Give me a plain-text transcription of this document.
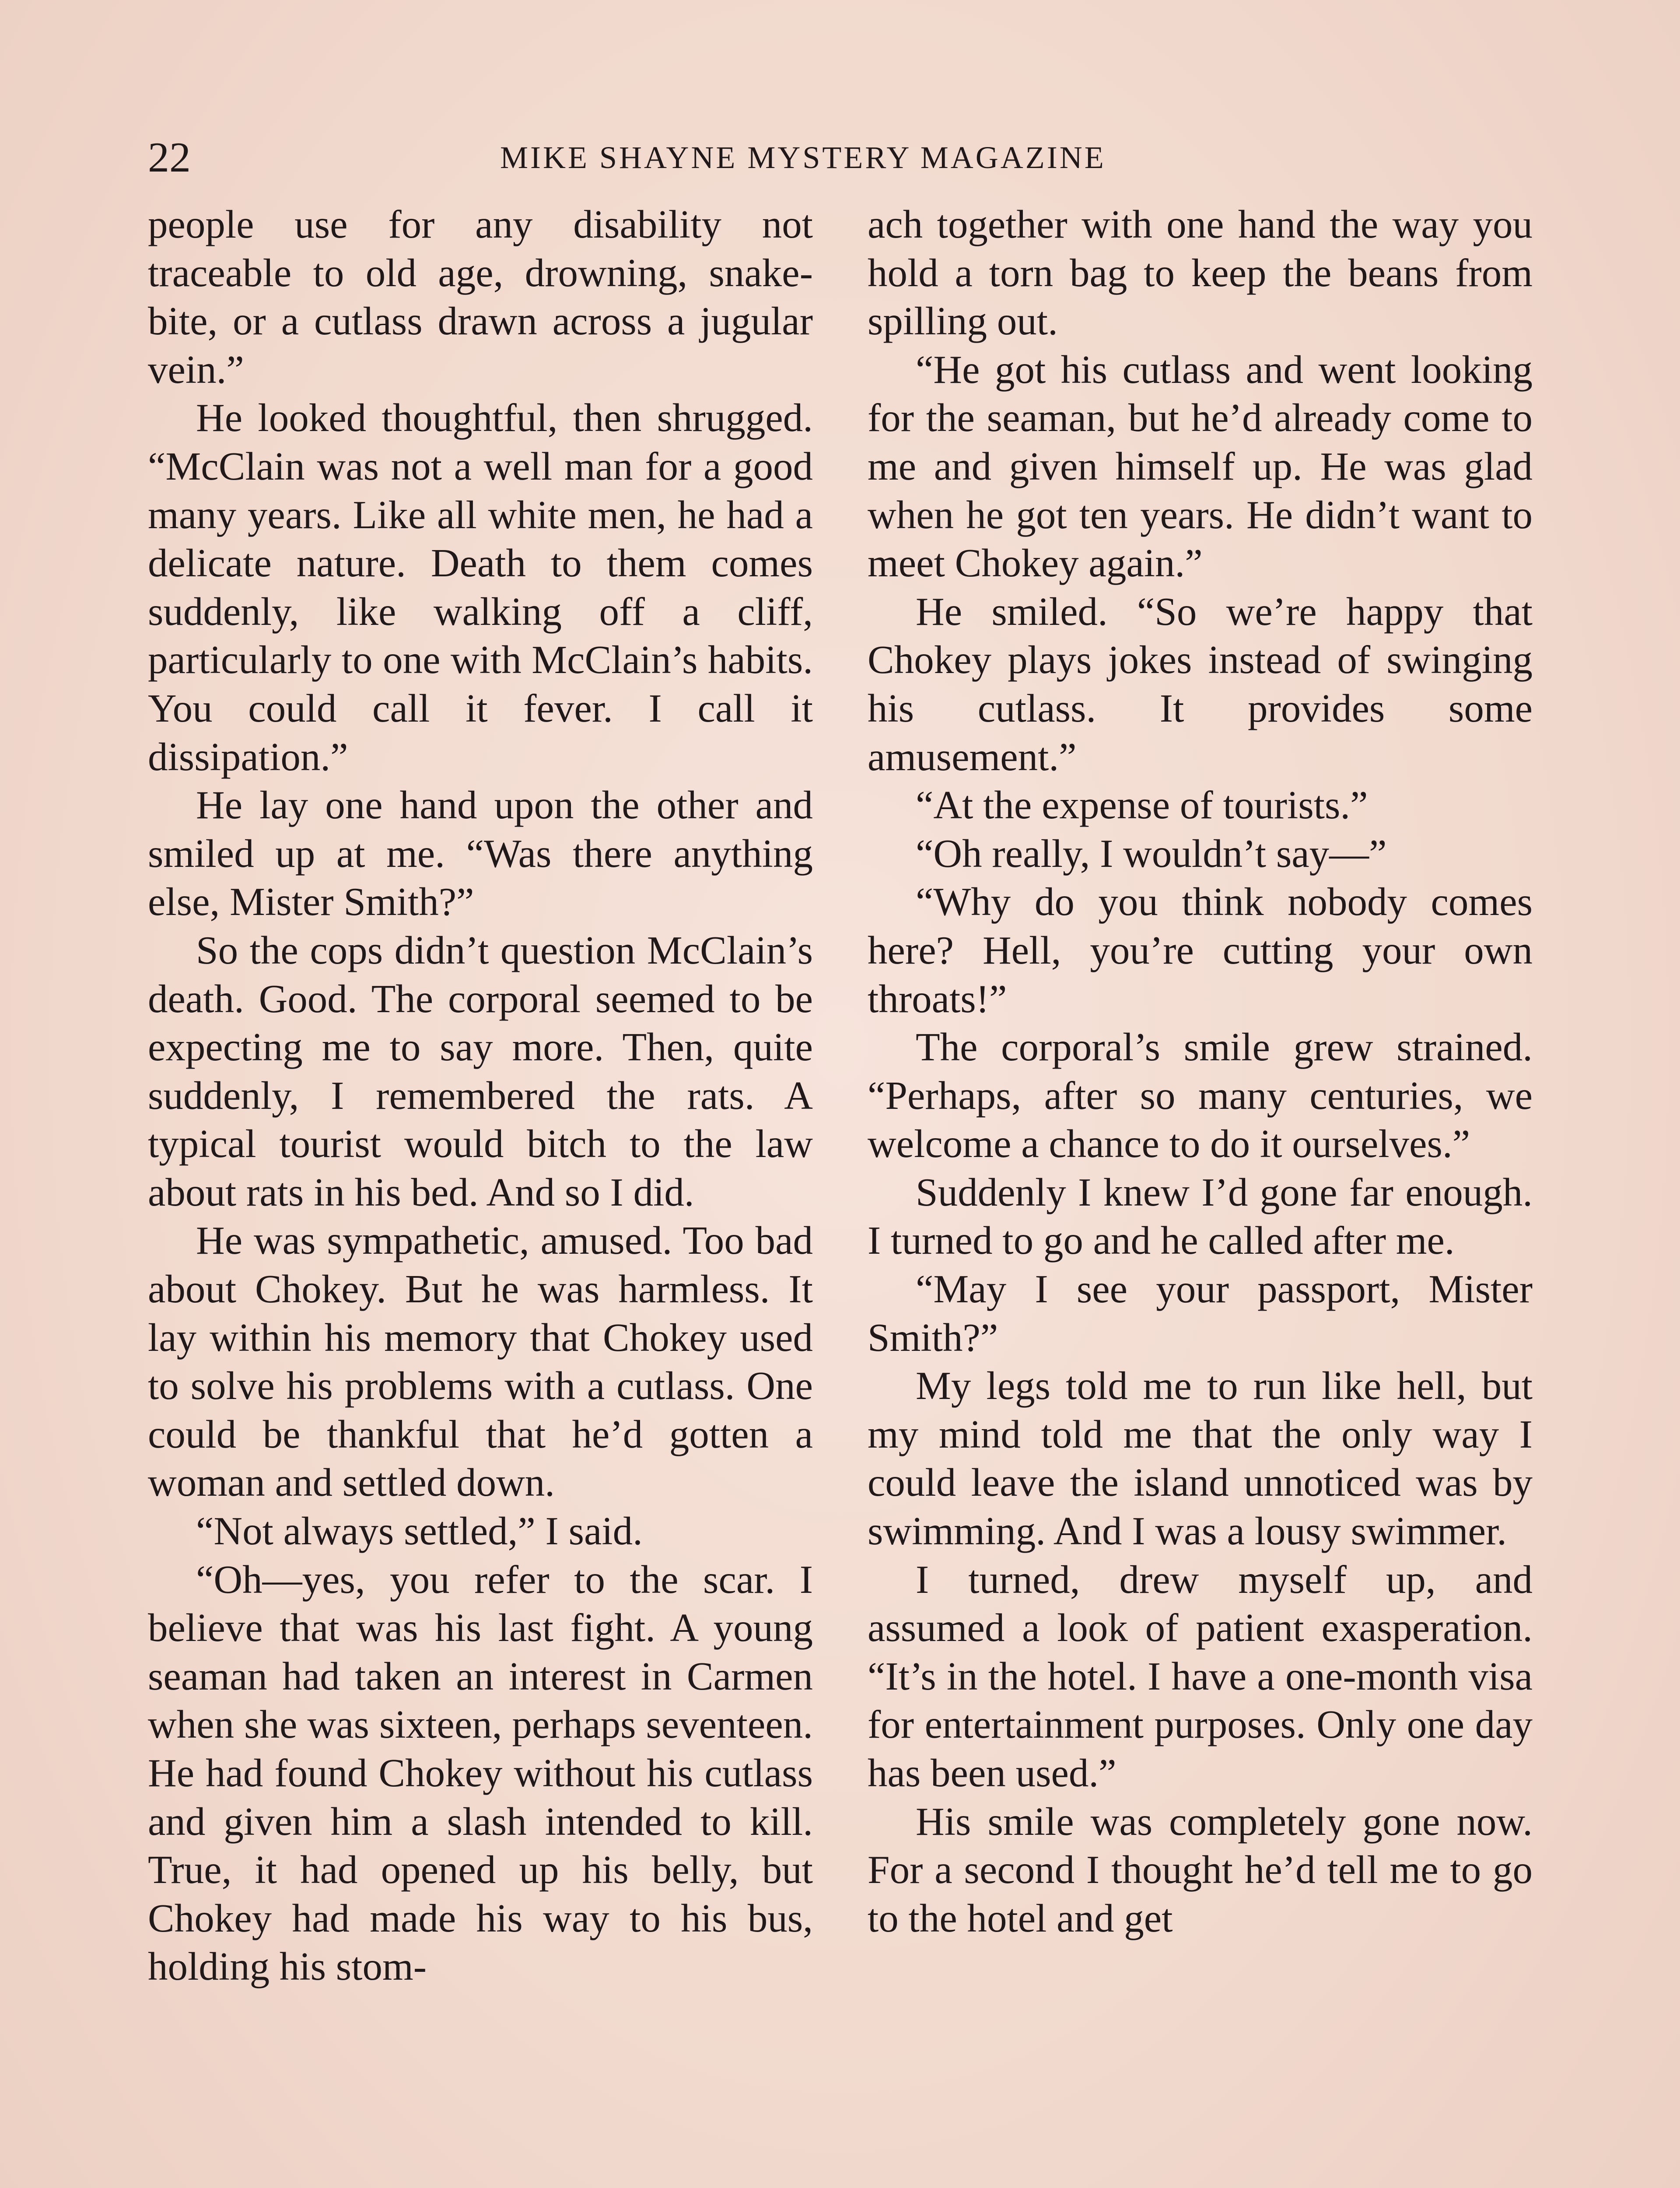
22	MIKE SHAYNE MYSTERY MAGAZINE

people use for any disability not traceable to old age, drowning, snake-bite, or a cutlass drawn across a jugular vein.”

He looked thoughtful, then shrugged. “McClain was not a well man for a good many years. Like all white men, he had a delicate nature. Death to them comes suddenly, like walking off a cliff, particularly to one with McClain’s habits. You could call it fever. I call it dissipation.”

He lay one hand upon the other and smiled up at me. “Was there anything else, Mister Smith?”

So the cops didn’t question McClain’s death. Good. The corporal seemed to be expecting me to say more. Then, quite suddenly, I remembered the rats. A typical tourist would bitch to the law about rats in his bed. And so I did.

He was sympathetic, amused. Too bad about Chokey. But he was harmless. It lay within his memory that Chokey used to solve his problems with a cutlass. One could be thankful that he’d gotten a woman and settled down.

“Not always settled,” I said.

“Oh—yes, you refer to the scar. I believe that was his last fight. A young seaman had taken an interest in Carmen when she was sixteen, perhaps seventeen. He had found Chokey without his cutlass and given him a slash intended to kill. True, it had opened up his belly, but Chokey had made his way to his bus, holding his stom-

ach together with one hand the way you hold a torn bag to keep the beans from spilling out.

“He got his cutlass and went looking for the seaman, but he’d already come to me and given himself up. He was glad when he got ten years. He didn’t want to meet Chokey again.”

He smiled. “So we’re happy that Chokey plays jokes instead of swinging his cutlass. It provides some amusement.”

“At the expense of tourists.”

“Oh really, I wouldn’t say—”

“Why do you think nobody comes here? Hell, you’re cutting your own throats!”

The corporal’s smile grew strained. “Perhaps, after so many centuries, we welcome a chance to do it ourselves.”

Suddenly I knew I’d gone far enough. I turned to go and he called after me.

“May I see your passport, Mister Smith?”

My legs told me to run like hell, but my mind told me that the only way I could leave the island unnoticed was by swimming. And I was a lousy swimmer.

I turned, drew myself up, and assumed a look of patient exasperation. “It’s in the hotel. I have a one-month visa for entertainment purposes. Only one day has been used.”

His smile was completely gone now. For a second I thought he’d tell me to go to the hotel and get
